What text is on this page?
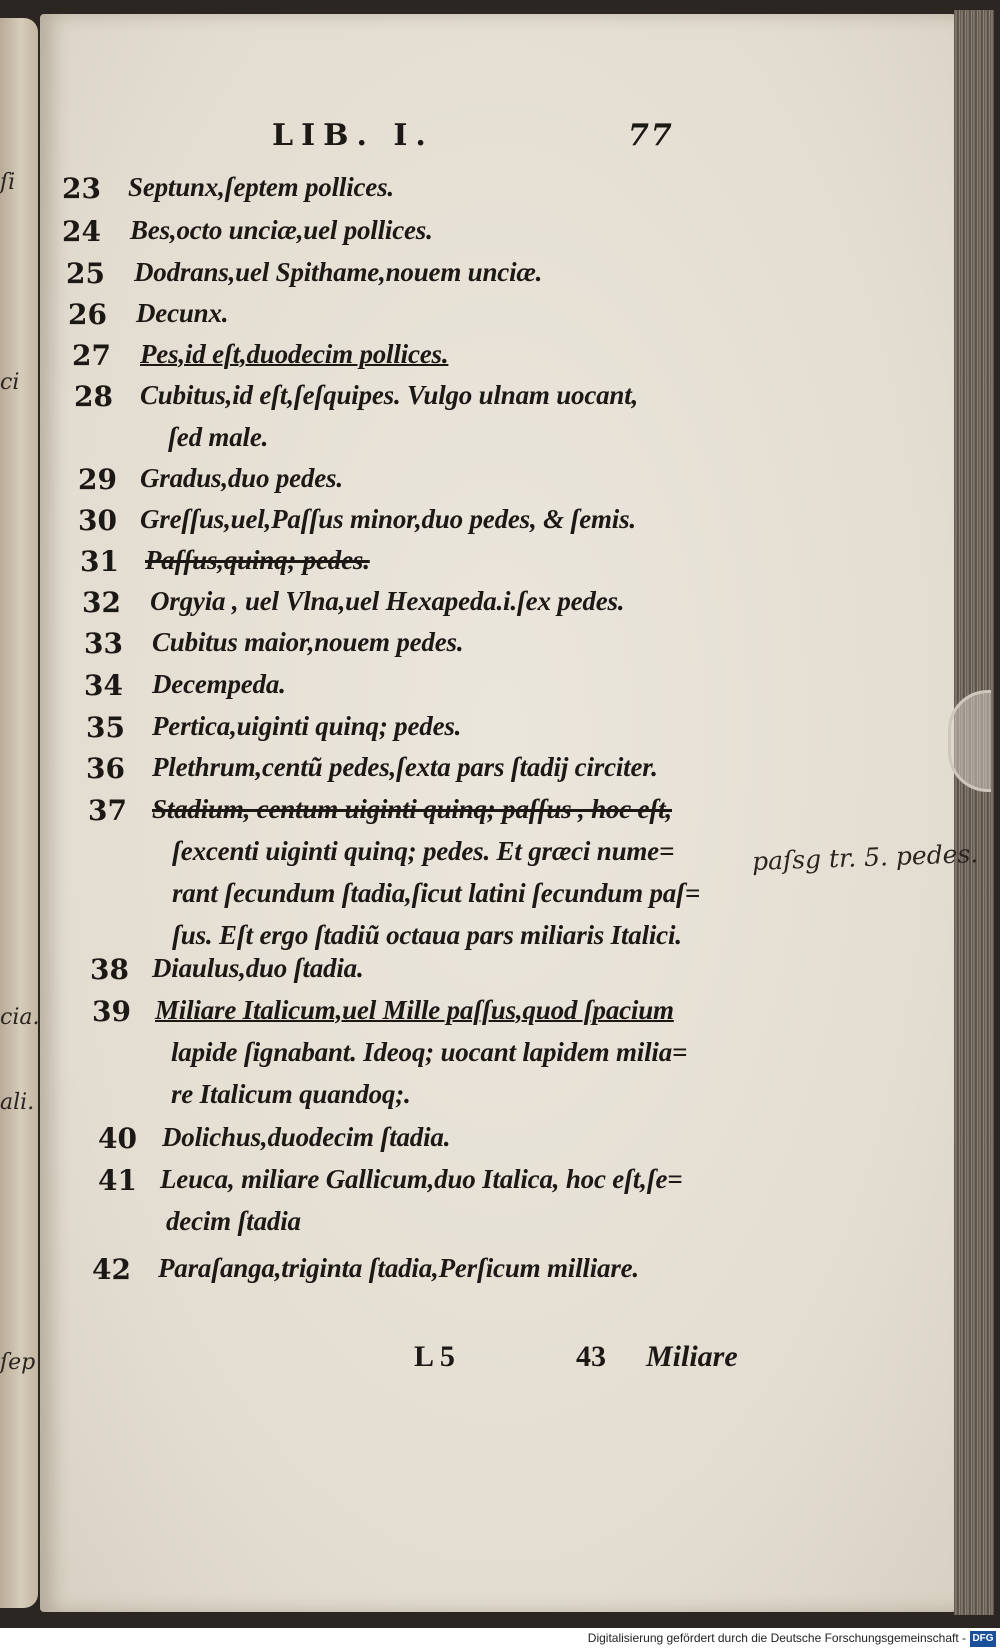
ſi
ci
cia.
ali.
ſep
LIB. I.	77
23 Septunx,ſeptem pollices.
24 Bes,octo unciæ,uel pollices.
25 Dodrans,uel Spithame,nouem unciæ.
26 Decunx.
27 Pes,id eſt,duodecim pollices.
28 Cubitus,id eſt,ſeſquipes. Vulgo ulnam uocant,
ſed male.
29 Gradus,duo pedes.
30 Greſſus,uel,Paſſus minor,duo pedes, & ſemis.
31 Paſſus,quinq; pedes.
32 Orgyia , uel Vlna,uel Hexapeda.i.ſex pedes.
33 Cubitus maior,nouem pedes.
34 Decempeda.
35 Pertica,uiginti quinq; pedes.
36 Plethrum,centũ pedes,ſexta pars ſtadij circiter.
37 Stadium, centum uiginti quinq; paſſus , hoc eſt,
ſexcenti uiginti quinq; pedes. Et græci nume=
rant ſecundum ſtadia,ſicut latini ſecundum paſ=
ſus. Eſt ergo ſtadiũ octaua pars miliaris Italici.
38 Diaulus,duo ſtadia.
39 Miliare Italicum,uel Mille paſſus,quod ſpacium
lapide ſignabant. Ideoq; uocant lapidem milia=
re Italicum quandoq;.
40 Dolichus,duodecim ſtadia.
41 Leuca, miliare Gallicum,duo Italica, hoc eſt,ſe=
decim ſtadia
42 Paraſanga,triginta ſtadia,Perſicum milliare.
paſsg tr. 5. pedes.
L 5	43 Miliare
Digitalisierung gefördert durch die Deutsche Forschungsgemeinschaft - DFG
